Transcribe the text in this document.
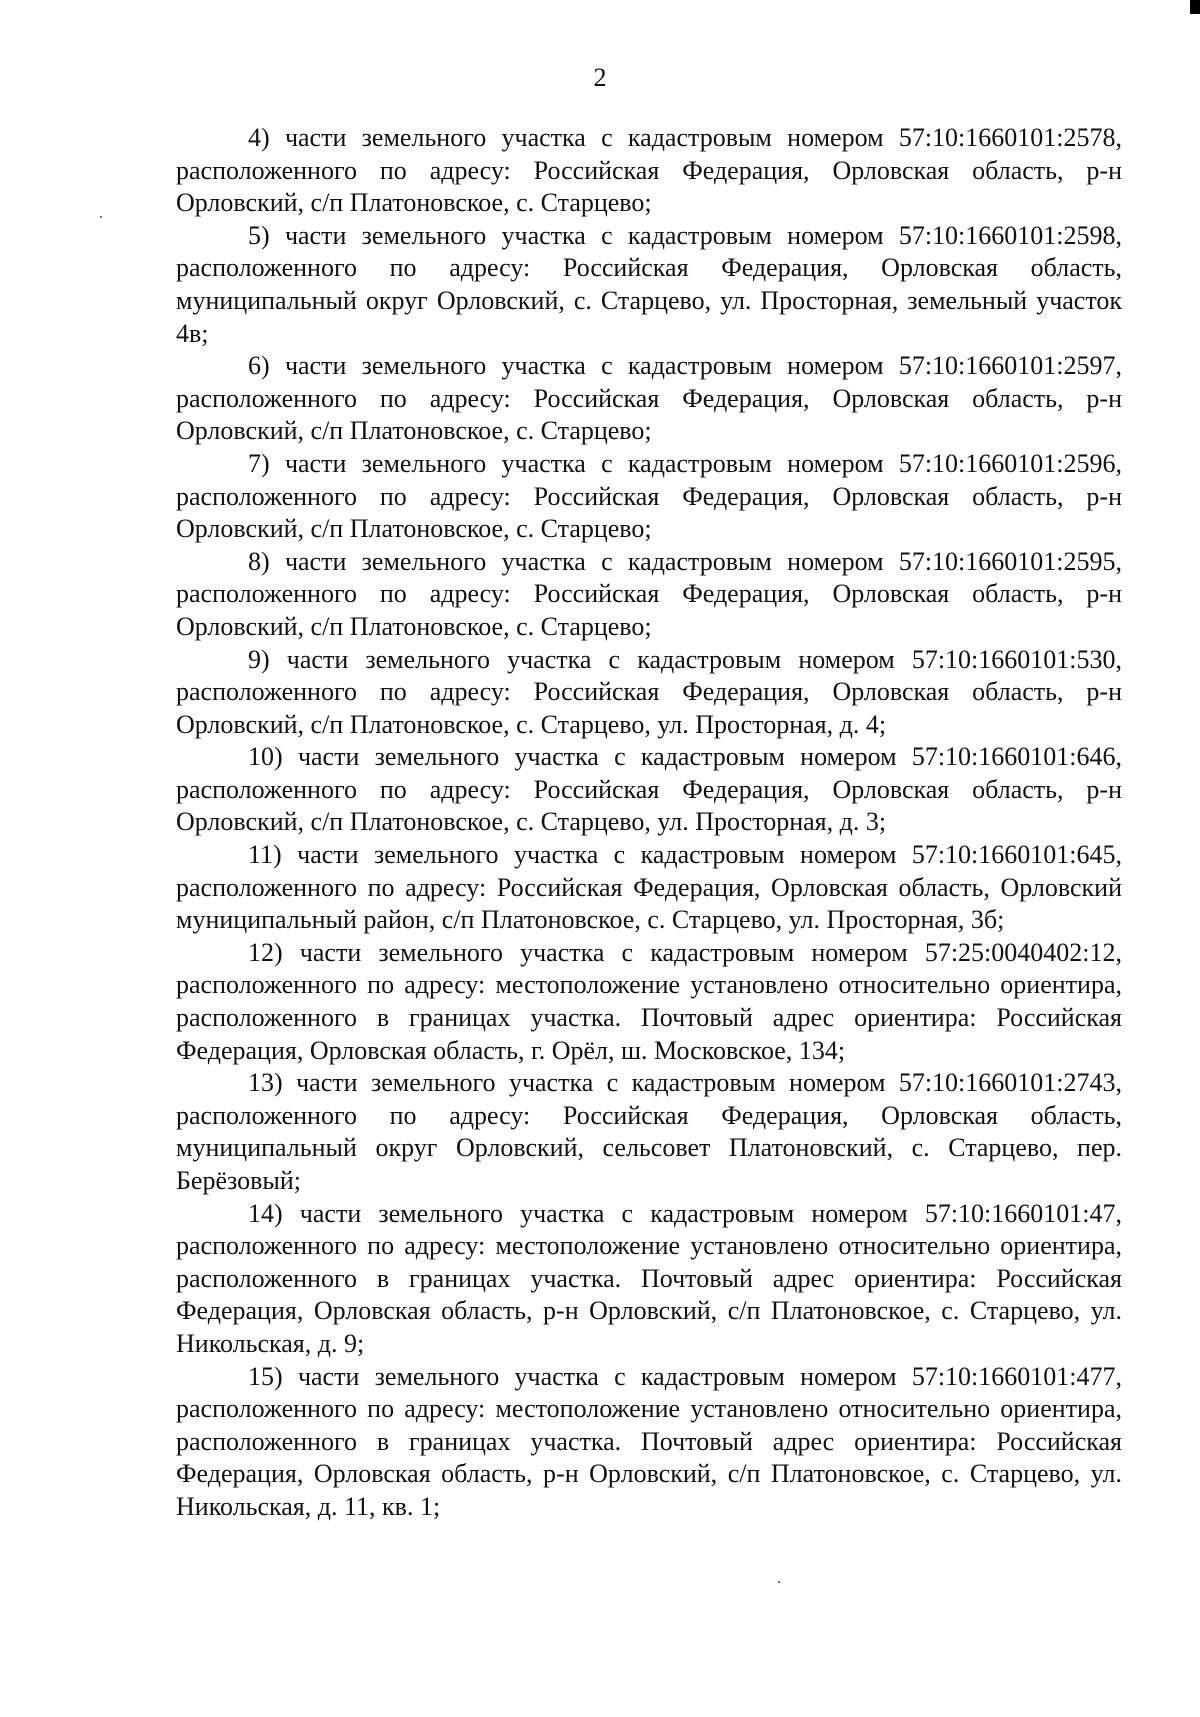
2

4) части земельного участка с кадастровым номером 57:10:1660101:2578, расположенного по адресу: Российская Федерация, Орловская область, р-н Орловский, с/п Платоновское, с. Старцево;

5) части земельного участка с кадастровым номером 57:10:1660101:2598, расположенного по адресу: Российская Федерация, Орловская область, муниципальный округ Орловский, с. Старцево, ул. Просторная, земельный участок 4в;

6) части земельного участка с кадастровым номером 57:10:1660101:2597, расположенного по адресу: Российская Федерация, Орловская область, р-н Орловский, с/п Платоновское, с. Старцево;

7) части земельного участка с кадастровым номером 57:10:1660101:2596, расположенного по адресу: Российская Федерация, Орловская область, р-н Орловский, с/п Платоновское, с. Старцево;

8) части земельного участка с кадастровым номером 57:10:1660101:2595, расположенного по адресу: Российская Федерация, Орловская область, р-н Орловский, с/п Платоновское, с. Старцево;

9) части земельного участка с кадастровым номером 57:10:1660101:530, расположенного по адресу: Российская Федерация, Орловская область, р-н Орловский, с/п Платоновское, с. Старцево, ул. Просторная, д. 4;

10) части земельного участка с кадастровым номером 57:10:1660101:646, расположенного по адресу: Российская Федерация, Орловская область, р-н Орловский, с/п Платоновское, с. Старцево, ул. Просторная, д. 3;

11) части земельного участка с кадастровым номером 57:10:1660101:645, расположенного по адресу: Российская Федерация, Орловская область, Орловский муниципальный район, с/п Платоновское, с. Старцево, ул. Просторная, 3б;

12) части земельного участка с кадастровым номером 57:25:0040402:12, расположенного по адресу: местоположение установлено относительно ориентира, расположенного в границах участка. Почтовый адрес ориентира: Российская Федерация, Орловская область, г. Орёл, ш. Московское, 134;

13) части земельного участка с кадастровым номером 57:10:1660101:2743, расположенного по адресу: Российская Федерация, Орловская область, муниципальный округ Орловский, сельсовет Платоновский, с. Старцево, пер. Берёзовый;

14) части земельного участка с кадастровым номером 57:10:1660101:47, расположенного по адресу: местоположение установлено относительно ориентира, расположенного в границах участка. Почтовый адрес ориентира: Российская Федерация, Орловская область, р-н Орловский, с/п Платоновское, с. Старцево, ул. Никольская, д. 9;

15) части земельного участка с кадастровым номером 57:10:1660101:477, расположенного по адресу: местоположение установлено относительно ориентира, расположенного в границах участка. Почтовый адрес ориентира: Российская Федерация, Орловская область, р-н Орловский, с/п Платоновское, с. Старцево, ул. Никольская, д. 11, кв. 1;
